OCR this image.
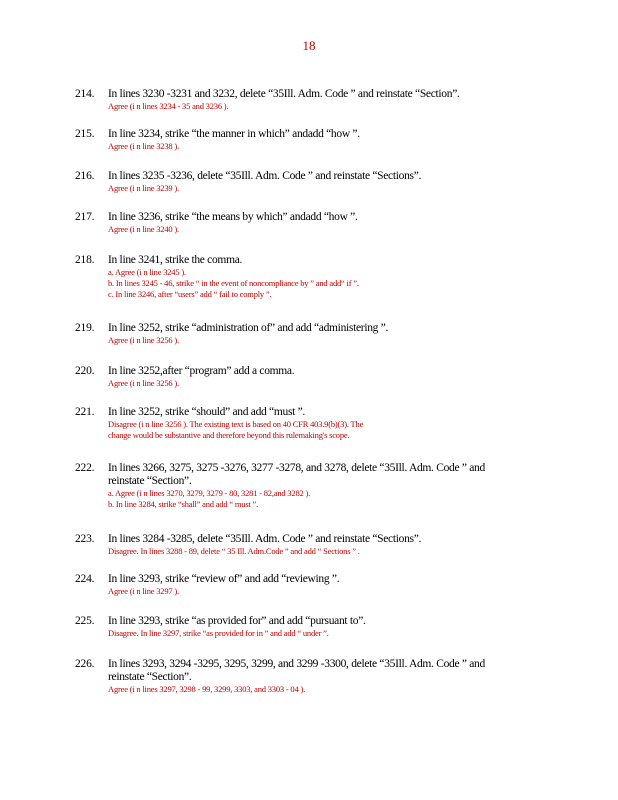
18
214. In lines 3230 -3231 and 3232, delete “35Ill. Adm. Code ” and reinstate “Section”.
Agree (i n lines 3234 - 35 and 3236 ).
215. In line 3234, strike “the manner in which” andadd “how ”.
Agree (i n line 3238 ).
216. In lines 3235 -3236, delete “35Ill. Adm. Code ” and reinstate “Sections”.
Agree (i n line 3239 ).
217. In line 3236, strike “the means by which” andadd “how ”.
Agree (i n line 3240 ).
218. In line 3241, strike the comma.
a. Agree (i n line 3245 ).
b. In lines 3245 - 46, strike “ in the event of noncompliance by ” and add“ if ”.
c. In line 3246, after “users” add “ fail to comply ”.
219. In line 3252, strike “administration of” and add “administering ”.
Agree (i n line 3256 ).
220. In line 3252,after “program” add a comma.
Agree (i n line 3256 ).
221. In line 3252, strike “should” and add “must ”.
Disagree (i n line 3256 ). The existing text is based on 40 CFR 403.9(b)(3). The
change would be substantive and therefore beyond this rulemaking's scope.
222. In lines 3266, 3275, 3275 -3276, 3277 -3278, and 3278, delete “35Ill. Adm. Code ” and
reinstate “Section”.
a. Agree (i n lines 3270, 3279, 3279 - 80, 3281 - 82,and 3282 ).
b. In line 3284, strike “shall” and add “ must ”.
223. In lines 3284 -3285, delete “35Ill. Adm. Code ” and reinstate “Sections”.
Disagree. In lines 3288 - 89, delete “ 35 Ill. Adm.Code ” and add “ Sections ” .
224. In line 3293, strike “review of” and add “reviewing ”.
Agree (i n line 3297 ).
225. In line 3293, strike “as provided for” and add “pursuant to”.
Disagree. In line 3297, strike “as provided for in ” and add “ under ”.
226. In lines 3293, 3294 -3295, 3295, 3299, and 3299 -3300, delete “35Ill. Adm. Code ” and
reinstate “Section”.
Agree (i n lines 3297, 3298 - 99, 3299, 3303, and 3303 - 04 ).
